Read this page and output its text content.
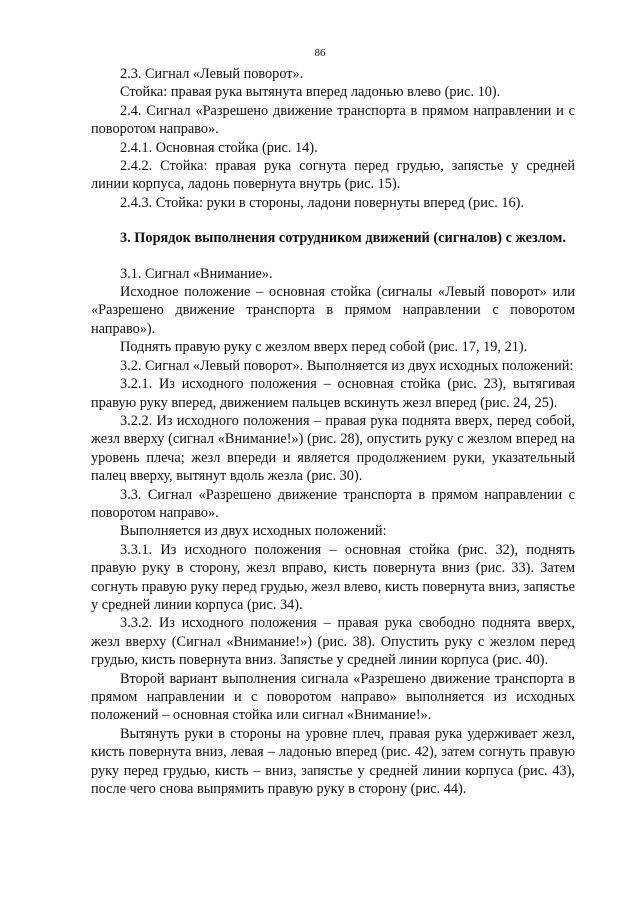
86

2.3. Сигнал «Левый поворот».

Стойка: правая рука вытянута вперед ладонью влево (рис. 10).

2.4. Сигнал «Разрешено движение транспорта в прямом направлении и с поворотом направо».

2.4.1. Основная стойка (рис. 14).

2.4.2. Стойка: правая рука согнута перед грудью, запястье у средней линии корпуса, ладонь повернута внутрь (рис. 15).

2.4.3. Стойка: руки в стороны, ладони повернуты вперед (рис. 16).

3. Порядок выполнения сотрудником движений (сигналов) с жезлом.

3.1. Сигнал «Внимание».

Исходное положение – основная стойка (сигналы «Левый поворот» или «Разрешено движение транспорта в прямом направлении с поворотом направо»).

Поднять правую руку с жезлом вверх перед собой (рис. 17, 19, 21).

3.2. Сигнал «Левый поворот». Выполняется из двух исходных положений:

3.2.1. Из исходного положения – основная стойка (рис. 23), вытягивая правую руку вперед, движением пальцев вскинуть жезл вперед (рис. 24, 25).

3.2.2. Из исходного положения – правая рука поднята вверх, перед собой, жезл вверху (сигнал «Внимание!») (рис. 28), опустить руку с жезлом вперед на уровень плеча; жезл впереди и является продолжением руки, указательный палец вверху, вытянут вдоль жезла (рис. 30).

3.3. Сигнал «Разрешено движение транспорта в прямом направлении с поворотом направо».

Выполняется из двух исходных положений:

3.3.1. Из исходного положения – основная стойка (рис. 32), поднять правую руку в сторону, жезл вправо, кисть повернута вниз (рис. 33). Затем согнуть правую руку перед грудью, жезл влево, кисть повернута вниз, запястье у средней линии корпуса (рис. 34).

3.3.2. Из исходного положения – правая рука свободно поднята вверх, жезл вверху (Сигнал «Внимание!») (рис. 38). Опустить руку с жезлом перед грудью, кисть повернута вниз. Запястье у средней линии корпуса (рис. 40).

Второй вариант выполнения сигнала «Разрешено движение транспорта в прямом направлении и с поворотом направо» выполняется из исходных положений – основная стойка или сигнал «Внимание!».

Вытянуть руки в стороны на уровне плеч, правая рука удерживает жезл, кисть повернута вниз, левая – ладонью вперед (рис. 42), затем согнуть правую руку перед грудью, кисть – вниз, запястье у средней линии корпуса (рис. 43), после чего снова выпрямить правую руку в сторону (рис. 44).
